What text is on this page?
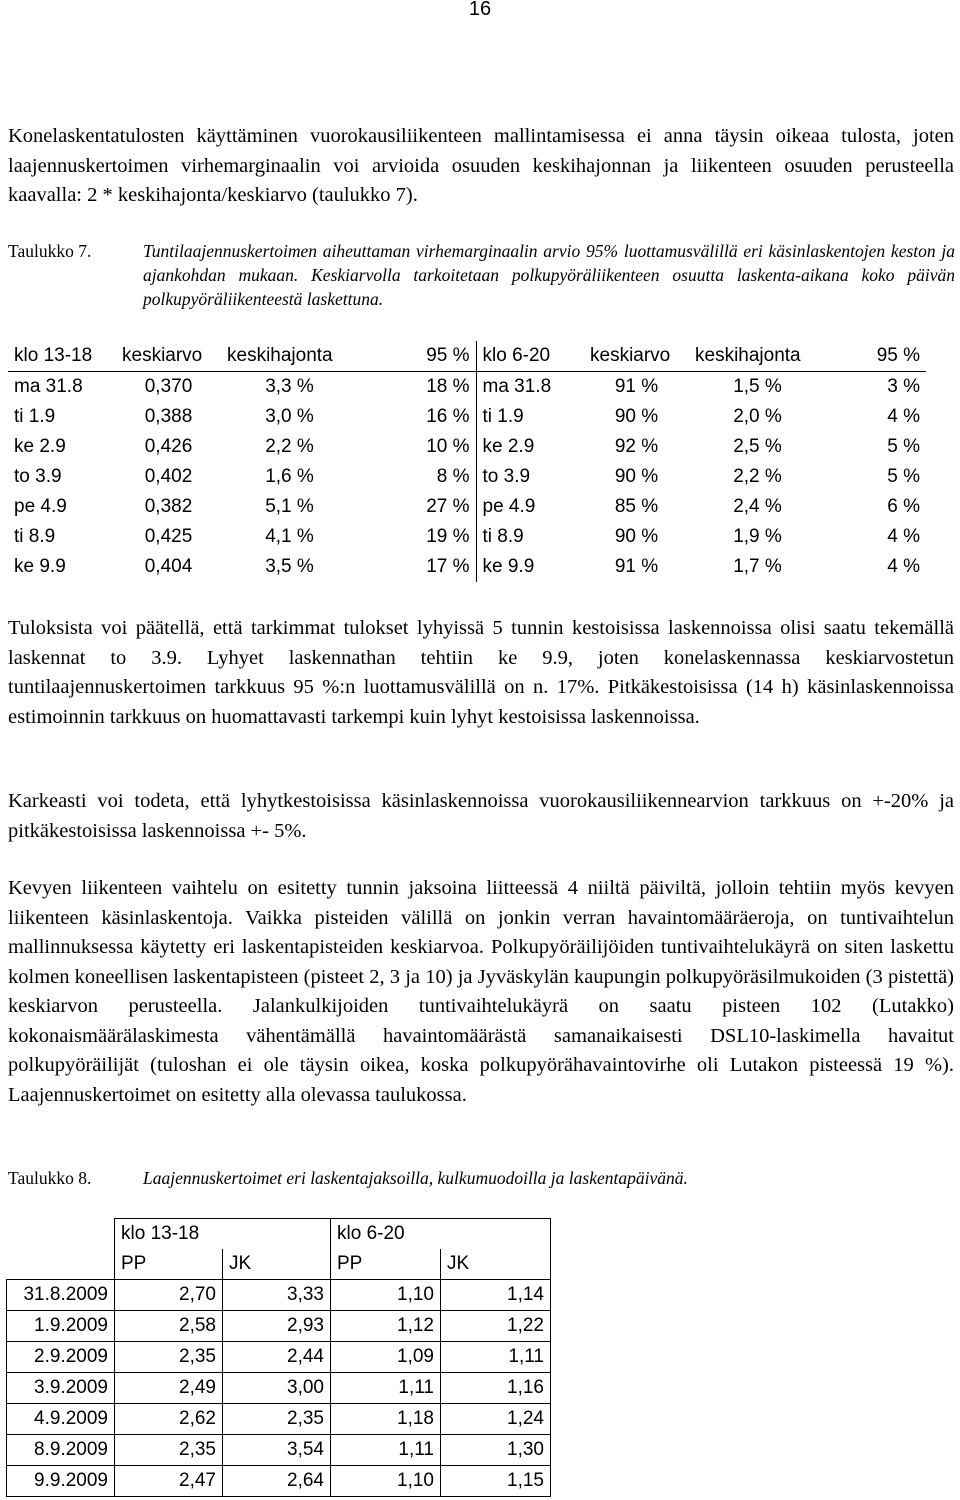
16

Konelaskentatulosten käyttäminen vuorokausiliikenteen mallintamisessa ei anna täysin oikeaa tulosta, joten laajennuskertoimen virhemarginaalin voi arvioida osuuden keskihajonnan ja liikenteen osuuden perusteella kaavalla: 2 * keskihajonta/keskiarvo (taulukko 7).

Taulukko 7.	Tuntilaajennuskertoimen aiheuttaman virhemarginaalin arvio 95% luottamusvälillä eri käsinlaskentojen keston ja ajankohdan mukaan. Keskiarvolla tarkoitetaan polkupyöräliikenteen osuutta laskenta-aikana koko päivän polkupyöräliikenteestä laskettuna.
klo 13-18	keskiarvo	keskihajonta	95 %	klo 6-20	keskiarvo	keskihajonta	95 %
ma 31.8	0,370	3,3 %	18 %	ma 31.8	91 %	1,5 %	3 %
ti 1.9	0,388	3,0 %	16 %	ti 1.9	90 %	2,0 %	4 %
ke 2.9	0,426	2,2 %	10 %	ke 2.9	92 %	2,5 %	5 %
to 3.9	0,402	1,6 %	8 %	to 3.9	90 %	2,2 %	5 %
pe 4.9	0,382	5,1 %	27 %	pe 4.9	85 %	2,4 %	6 %
ti 8.9	0,425	4,1 %	19 %	ti 8.9	90 %	1,9 %	4 %
ke 9.9	0,404	3,5 %	17 %	ke 9.9	91 %	1,7 %	4 %

Tuloksista voi päätellä, että tarkimmat tulokset lyhyissä 5 tunnin kestoisissa laskennoissa olisi saatu tekemällä laskennat to 3.9. Lyhyet laskennathan tehtiin ke 9.9, joten konelaskennassa keskiarvostetun tuntilaajennuskertoimen tarkkuus 95 %:n luottamusvälillä on n. 17%. Pitkäkestoisissa (14 h) käsinlaskennoissa estimoinnin tarkkuus on huomattavasti tarkempi kuin lyhyt kestoisissa laskennoissa.

Karkeasti voi todeta, että lyhytkestoisissa käsinlaskennoissa vuorokausiliikennearvion tarkkuus on +-20% ja pitkäkestoisissa laskennoissa +- 5%.

Kevyen liikenteen vaihtelu on esitetty tunnin jaksoina liitteessä 4 niiltä päiviltä, jolloin tehtiin myös kevyen liikenteen käsinlaskentoja. Vaikka pisteiden välillä on jonkin verran havaintomääräeroja, on tuntivaihtelun mallinnuksessa käytetty eri laskentapisteiden keskiarvoa. Polkupyöräilijöiden tuntivaihtelukäyrä on siten laskettu kolmen koneellisen laskentapisteen (pisteet 2, 3 ja 10) ja Jyväskylän kaupungin polkupyöräsilmukoiden (3 pistettä) keskiarvon perusteella. Jalankulkijoiden tuntivaihtelukäyrä on saatu pisteen 102 (Lutakko) kokonaismäärälaskimesta vähentämällä havaintomäärästä samanaikaisesti DSL10-laskimella havaitut polkupyöräilijät (tuloshan ei ole täysin oikea, koska polkupyörähavaintovirhe oli Lutakon pisteessä 19 %). Laajennuskertoimet on esitetty alla olevassa taulukossa.

Taulukko 8.	Laajennuskertoimet eri laskentajaksoilla, kulkumuodoilla ja laskentapäivänä.
	klo 13-18		klo 6-20	
	PP	JK	PP	JK
31.8.2009	2,70	3,33	1,10	1,14
1.9.2009	2,58	2,93	1,12	1,22
2.9.2009	2,35	2,44	1,09	1,11
3.9.2009	2,49	3,00	1,11	1,16
4.9.2009	2,62	2,35	1,18	1,24
8.9.2009	2,35	3,54	1,11	1,30
9.9.2009	2,47	2,64	1,10	1,15
